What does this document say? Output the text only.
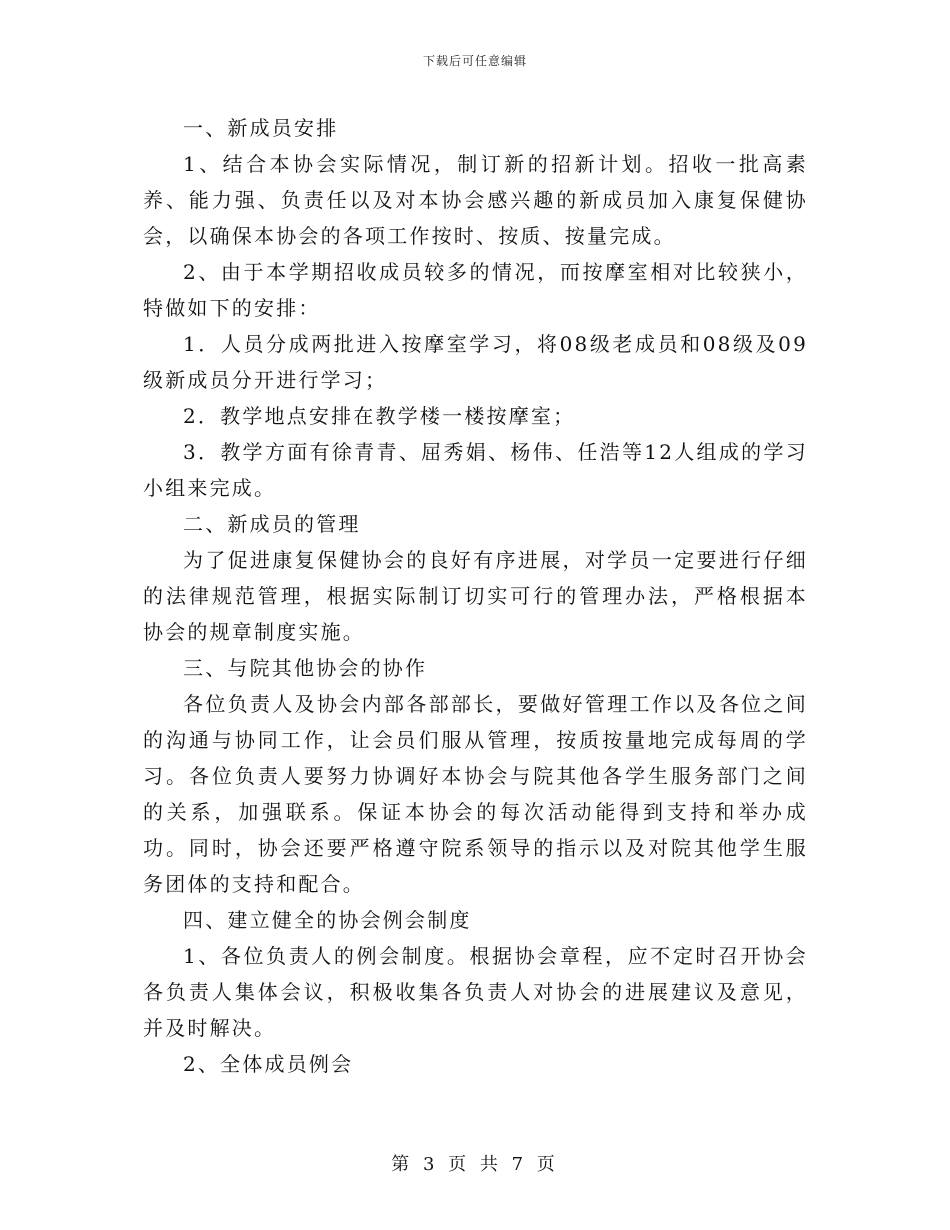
下载后可任意编辑

一、新成员安排

1、结合本协会实际情况，制订新的招新计划。招收一批高素养、能力强、负责任以及对本协会感兴趣的新成员加入康复保健协会，以确保本协会的各项工作按时、按质、按量完成。

2、由于本学期招收成员较多的情况，而按摩室相对比较狭小，特做如下的安排：

1．人员分成两批进入按摩室学习，将08级老成员和08级及09级新成员分开进行学习；

2．教学地点安排在教学楼一楼按摩室；

3．教学方面有徐青青、屈秀娟、杨伟、任浩等12人组成的学习小组来完成。

二、新成员的管理

为了促进康复保健协会的良好有序进展，对学员一定要进行仔细的法律规范管理，根据实际制订切实可行的管理办法，严格根据本协会的规章制度实施。

三、与院其他协会的协作

各位负责人及协会内部各部部长，要做好管理工作以及各位之间的沟通与协同工作，让会员们服从管理，按质按量地完成每周的学习。各位负责人要努力协调好本协会与院其他各学生服务部门之间的关系，加强联系。保证本协会的每次活动能得到支持和举办成功。同时，协会还要严格遵守院系领导的指示以及对院其他学生服务团体的支持和配合。

四、建立健全的协会例会制度

1、各位负责人的例会制度。根据协会章程，应不定时召开协会各负责人集体会议，积极收集各负责人对协会的进展建议及意见，并及时解决。

2、全体成员例会

第 3 页 共 7 页
